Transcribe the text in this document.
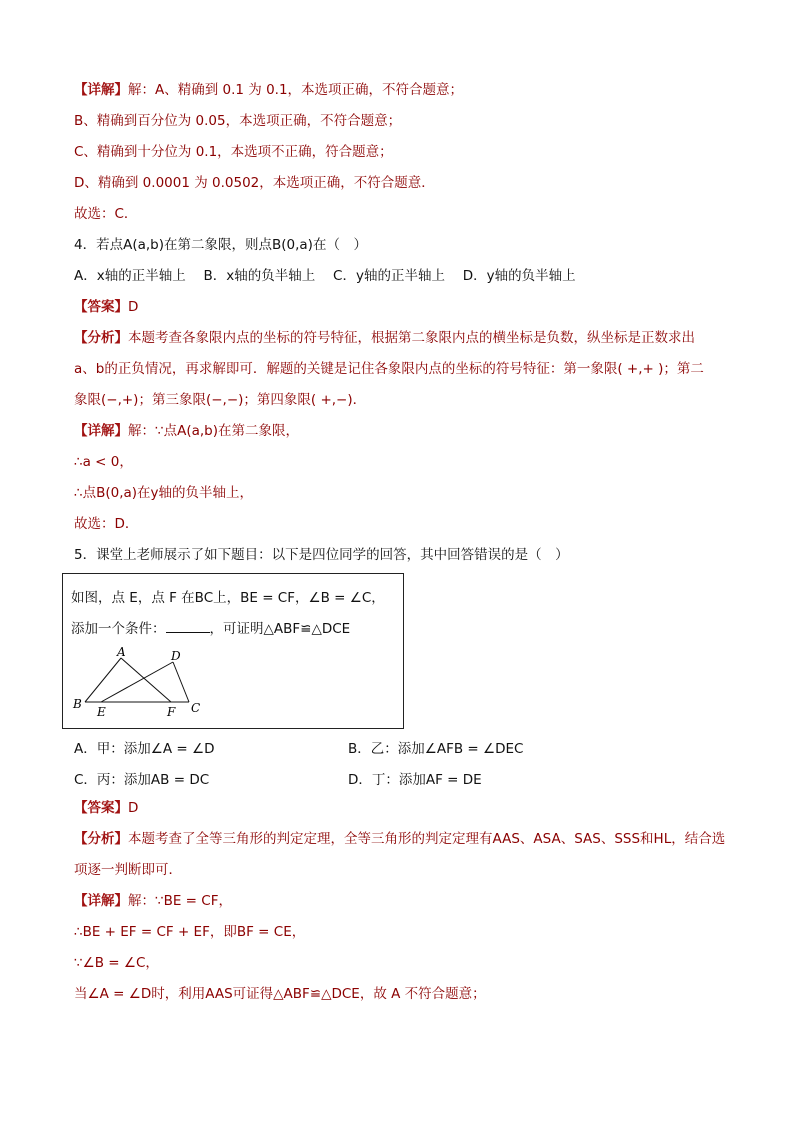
【详解】解：A、精确到 0.1 为 0.1，本选项正确，不符合题意；
B、精确到百分位为 0.05，本选项正确，不符合题意；
C、精确到十分位为 0.1，本选项不正确，符合题意；
D、精确到 0.0001 为 0.0502，本选项正确，不符合题意．
故选：C．
4．若点A(a,b)在第二象限，则点B(0,a)在（　）
A．x轴的正半轴上　 B．x轴的负半轴上　 C．y轴的正半轴上　 D．y轴的负半轴上
【答案】D
【分析】本题考查各象限内点的坐标的符号特征，根据第二象限内点的横坐标是负数，纵坐标是正数求出
a、b的正负情况，再求解即可．解题的关键是记住各象限内点的坐标的符号特征：第一象限( +,+ )；第二
象限(−,+)；第三象限(−,−)；第四象限( +,−)．
【详解】解：∵点A(a,b)在第二象限，
∴a < 0，
∴点B(0,a)在y轴的负半轴上，
故选：D．
5．课堂上老师展示了如下题目：以下是四位同学的回答，其中回答错误的是（　）
如图，点 E，点 F 在BC上，BE = CF，∠B = ∠C，
添加一个条件：	，可证明△ABF≌△DCE
A	D
B
E	F C
A．甲：添加∠A = ∠D	B．乙：添加∠AFB = ∠DEC
C．丙：添加AB = DC	D．丁：添加AF = DE
【答案】D
【分析】本题考查了全等三角形的判定定理，全等三角形的判定定理有AAS、ASA、SAS、SSS和HL，结合选
项逐一判断即可．
【详解】解：∵BE = CF，
∴BE + EF = CF + EF，即BF = CE，
∵∠B = ∠C，
当∠A = ∠D时，利用AAS可证得△ABF≌△DCE，故 A 不符合题意；
